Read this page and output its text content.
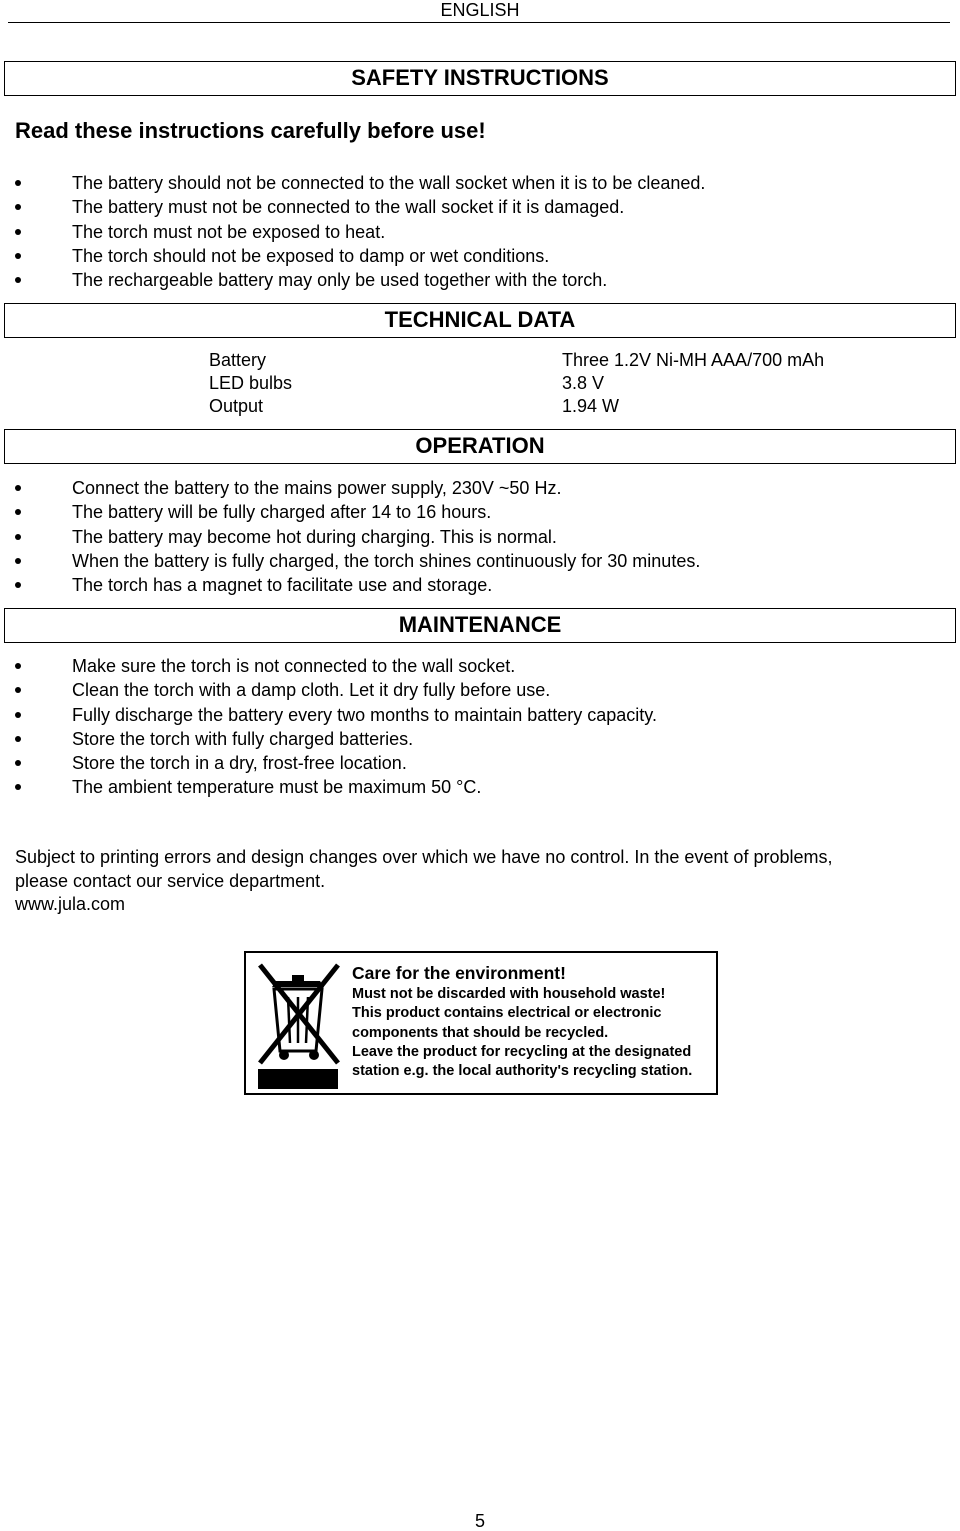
ENGLISH
SAFETY INSTRUCTIONS
Read these instructions carefully before use!
The battery should not be connected to the wall socket when it is to be cleaned.
The battery must not be connected to the wall socket if it is damaged.
The torch must not be exposed to heat.
The torch should not be exposed to damp or wet conditions.
The rechargeable battery may only be used together with the torch.
TECHNICAL DATA
Battery	Three 1.2V Ni-MH AAA/700 mAh
LED bulbs	3.8 V
Output	1.94 W
OPERATION
Connect the battery to the mains power supply, 230V ~50 Hz.
The battery will be fully charged after 14 to 16 hours.
The battery may become hot during charging. This is normal.
When the battery is fully charged, the torch shines continuously for 30 minutes.
The torch has a magnet to facilitate use and storage.
MAINTENANCE
Make sure the torch is not connected to the wall socket.
Clean the torch with a damp cloth. Let it dry fully before use.
Fully discharge the battery every two months to maintain battery capacity.
Store the torch with fully charged batteries.
Store the torch in a dry, frost-free location.
The ambient temperature must be maximum 50 °C.
Subject to printing errors and design changes over which we have no control. In the event of problems,
please contact our service department.
www.jula.com
Care for the environment!
Must not be discarded with household waste!
This product contains electrical or electronic
components that should be recycled.
Leave the product for recycling at the designated
station e.g. the local authority's recycling station.
5
